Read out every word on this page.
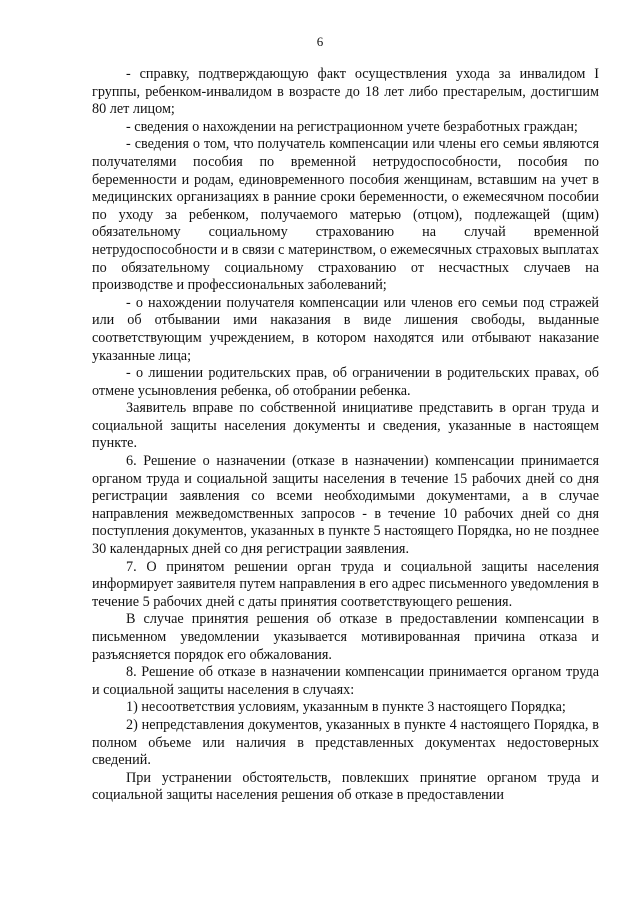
6

- справку, подтверждающую факт осуществления ухода за инвалидом I группы, ребенком-инвалидом в возрасте до 18 лет либо престарелым, достигшим 80 лет лицом;

- сведения о нахождении на регистрационном учете безработных граждан;

- сведения о том, что получатель компенсации или члены его семьи являются получателями пособия по временной нетрудоспособности, пособия по беременности и родам, единовременного пособия женщинам, вставшим на учет в медицинских организациях в ранние сроки беременности, о ежемесячном пособии по уходу за ребенком, получаемого матерью (отцом), подлежащей (щим) обязательному социальному страхованию на случай временной нетрудоспособности и в связи с материнством, о ежемесячных страховых выплатах по обязательному социальному страхованию от несчастных случаев на производстве и профессиональных заболеваний;

- о нахождении получателя компенсации или членов его семьи под стражей или об отбывании ими наказания в виде лишения свободы, выданные соответствующим учреждением, в котором находятся или отбывают наказание указанные лица;

- о лишении родительских прав, об ограничении в родительских правах, об отмене усыновления ребенка, об отобрании ребенка.

Заявитель вправе по собственной инициативе представить в орган труда и социальной защиты населения документы и сведения, указанные в настоящем пункте.

6. Решение о назначении (отказе в назначении) компенсации принимается органом труда и социальной защиты населения в течение 15 рабочих дней со дня регистрации заявления со всеми необходимыми документами, а в случае направления межведомственных запросов - в течение 10 рабочих дней со дня поступления документов, указанных в пункте 5 настоящего Порядка, но не позднее 30 календарных дней со дня регистрации заявления.

7. О принятом решении орган труда и социальной защиты населения информирует заявителя путем направления в его адрес письменного уведомления в течение 5 рабочих дней с даты принятия соответствующего решения.

В случае принятия решения об отказе в предоставлении компенсации в письменном уведомлении указывается мотивированная причина отказа и разъясняется порядок его обжалования.

8. Решение об отказе в назначении компенсации принимается органом труда и социальной защиты населения в случаях:

1) несоответствия условиям, указанным в пункте 3 настоящего Порядка;

2) непредставления документов, указанных в пункте 4 настоящего Порядка, в полном объеме или наличия в представленных документах недостоверных сведений.

При устранении обстоятельств, повлекших принятие органом труда и социальной защиты населения решения об отказе в предоставлении
